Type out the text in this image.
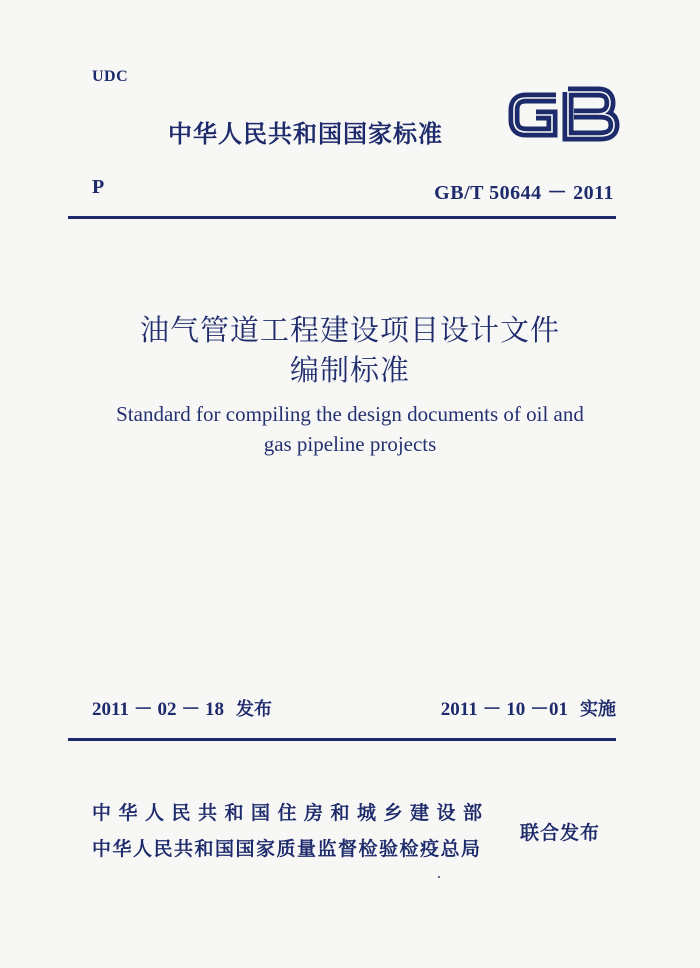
UDC
中华人民共和国国家标准
P	GB/T 50644 － 2011
油气管道工程建设项目设计文件
编制标准
Standard for compiling the design documents of oil and
gas pipeline projects
2011 － 02 － 18 发布	2011 － 10 －01 实施
中华人民共和国住房和城乡建设部
中华人民共和国国家质量监督检验检疫总局
联合发布
